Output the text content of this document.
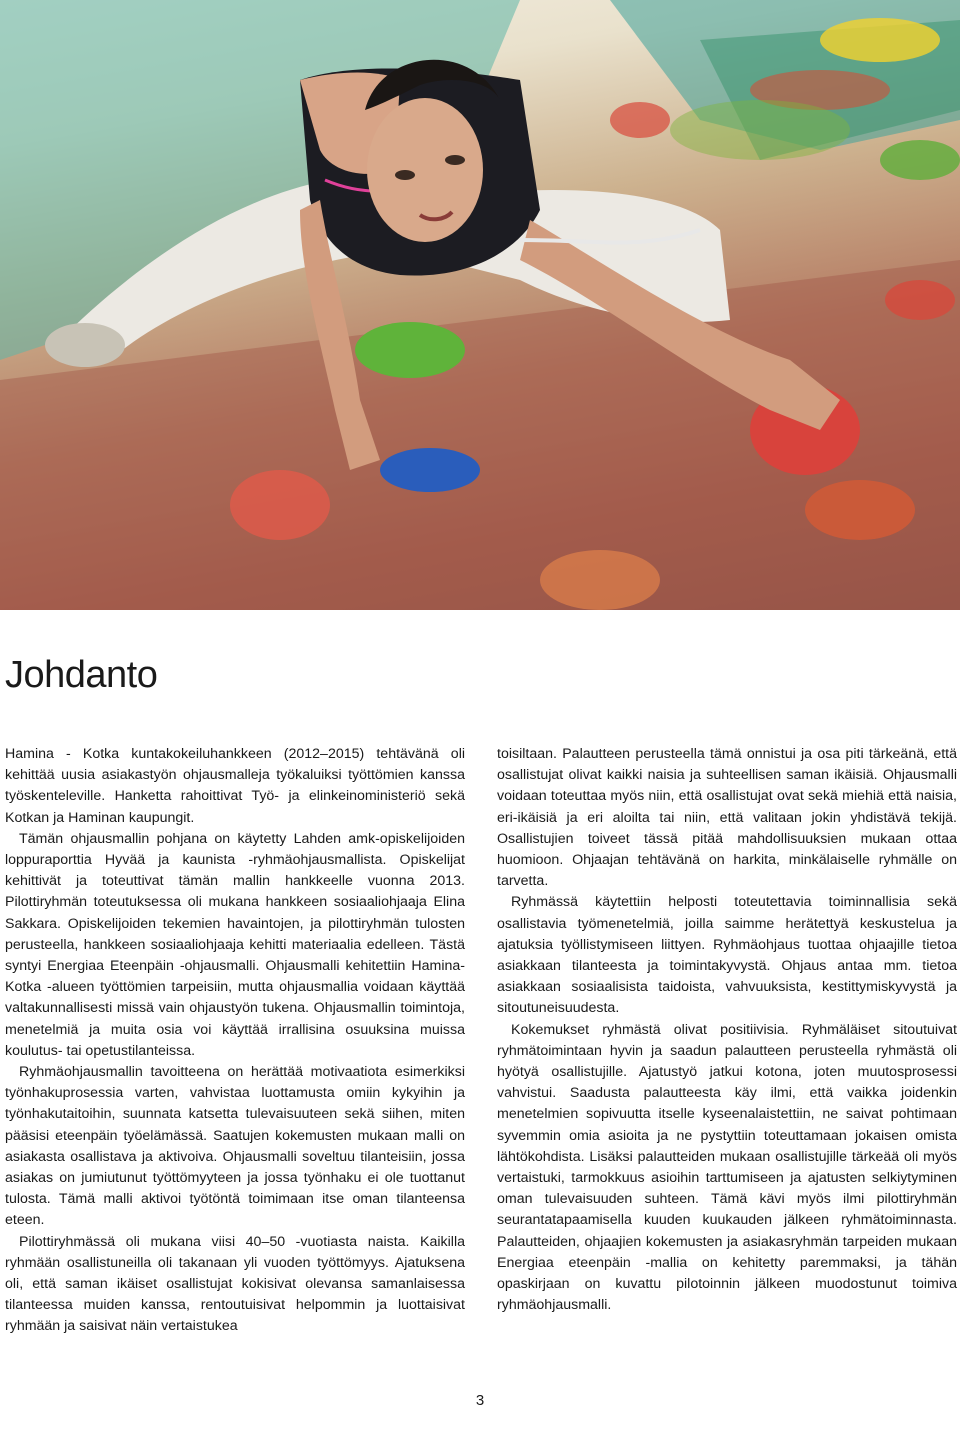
Johdanto

Hamina - Kotka kuntakokeiluhankkeen (2012–2015) tehtävänä oli kehittää uusia asiakastyön ohjausmalleja työkaluiksi työttömien kanssa työskenteleville. Hanketta rahoittivat Työ- ja elinkeinoministeriö sekä Kotkan ja Haminan kaupungit.

Tämän ohjausmallin pohjana on käytetty Lahden amk-opiskelijoiden loppuraporttia Hyvää ja kaunista -ryhmäohjausmallista. Opiskelijat kehittivät ja toteuttivat tämän mallin hankkeelle vuonna 2013. Pilottiryhmän toteutuksessa oli mukana hankkeen sosiaaliohjaaja Elina Sakkara. Opiskelijoiden tekemien havaintojen, ja pilottiryhmän tulosten perusteella, hankkeen sosiaaliohjaaja kehitti materiaalia edelleen. Tästä syntyi Energiaa Eteenpäin -ohjausmalli. Ohjausmalli kehitettiin Hamina-Kotka -alueen työttömien tarpeisiin, mutta ohjausmallia voidaan käyttää valtakunnallisesti missä vain ohjaustyön tukena. Ohjausmallin toimintoja, menetelmiä ja muita osia voi käyttää irrallisina osuuksina muissa koulutus- tai opetustilanteissa.

Ryhmäohjausmallin tavoitteena on herättää motivaatiota esimerkiksi työnhakuprosessia varten, vahvistaa luottamusta omiin kykyihin ja työnhakutaitoihin, suunnata katsetta tulevaisuuteen sekä siihen, miten pääsisi eteenpäin työelämässä. Saatujen kokemusten mukaan malli on asiakasta osallistava ja aktivoiva. Ohjausmalli soveltuu tilanteisiin, jossa asiakas on jumiutunut työttömyyteen ja jossa työnhaku ei ole tuottanut tulosta. Tämä malli aktivoi työtöntä toimimaan itse oman tilanteensa eteen.

Pilottiryhmässä oli mukana viisi 40–50 -vuotiasta naista. Kaikilla ryhmään osallistuneilla oli takanaan yli vuoden työttömyys. Ajatuksena oli, että saman ikäiset osallistujat kokisivat olevansa samanlaisessa tilanteessa muiden kanssa, rentoutuisivat helpommin ja luottaisivat ryhmään ja saisivat näin vertaistukea

toisiltaan. Palautteen perusteella tämä onnistui ja osa piti tärkeänä, että osallistujat olivat kaikki naisia ja suhteellisen saman ikäisiä. Ohjausmalli voidaan toteuttaa myös niin, että osallistujat ovat sekä miehiä että naisia, eri-ikäisiä ja eri aloilta tai niin, että valitaan jokin yhdistävä tekijä. Osallistujien toiveet tässä pitää mahdollisuuksien mukaan ottaa huomioon. Ohjaajan tehtävänä on harkita, minkälaiselle ryhmälle on tarvetta.

Ryhmässä käytettiin helposti toteutettavia toiminnallisia sekä osallistavia työmenetelmiä, joilla saimme herätettyä keskustelua ja ajatuksia työllistymiseen liittyen. Ryhmäohjaus tuottaa ohjaajille tietoa asiakkaan tilanteesta ja toimintakyvystä. Ohjaus antaa mm. tietoa asiakkaan sosiaalisista taidoista, vahvuuksista, kestittymiskyvystä ja sitoutuneisuudesta.

Kokemukset ryhmästä olivat positiivisia. Ryhmäläiset sitoutuivat ryhmätoimintaan hyvin ja saadun palautteen perusteella ryhmästä oli hyötyä osallistujille. Ajatustyö jatkui kotona, joten muutosprosessi vahvistui. Saadusta palautteesta käy ilmi, että vaikka joidenkin menetelmien sopivuutta itselle kyseenalaistettiin, ne saivat pohtimaan syvemmin omia asioita ja ne pystyttiin toteuttamaan jokaisen omista lähtökohdista. Lisäksi palautteiden mukaan osallistujille tärkeää oli myös vertaistuki, tarmokkuus asioihin tarttumiseen ja ajatusten selkiytyminen oman tulevaisuuden suhteen. Tämä kävi myös ilmi pilottiryhmän seurantatapaamisella kuuden kuukauden jälkeen ryhmätoiminnasta. Palautteiden, ohjaajien kokemusten ja asiakasryhmän tarpeiden mukaan Energiaa eteenpäin -mallia on kehitetty paremmaksi, ja tähän opaskirjaan on kuvattu pilotoinnin jälkeen muodostunut toimiva ryhmäohjausmalli.

3
